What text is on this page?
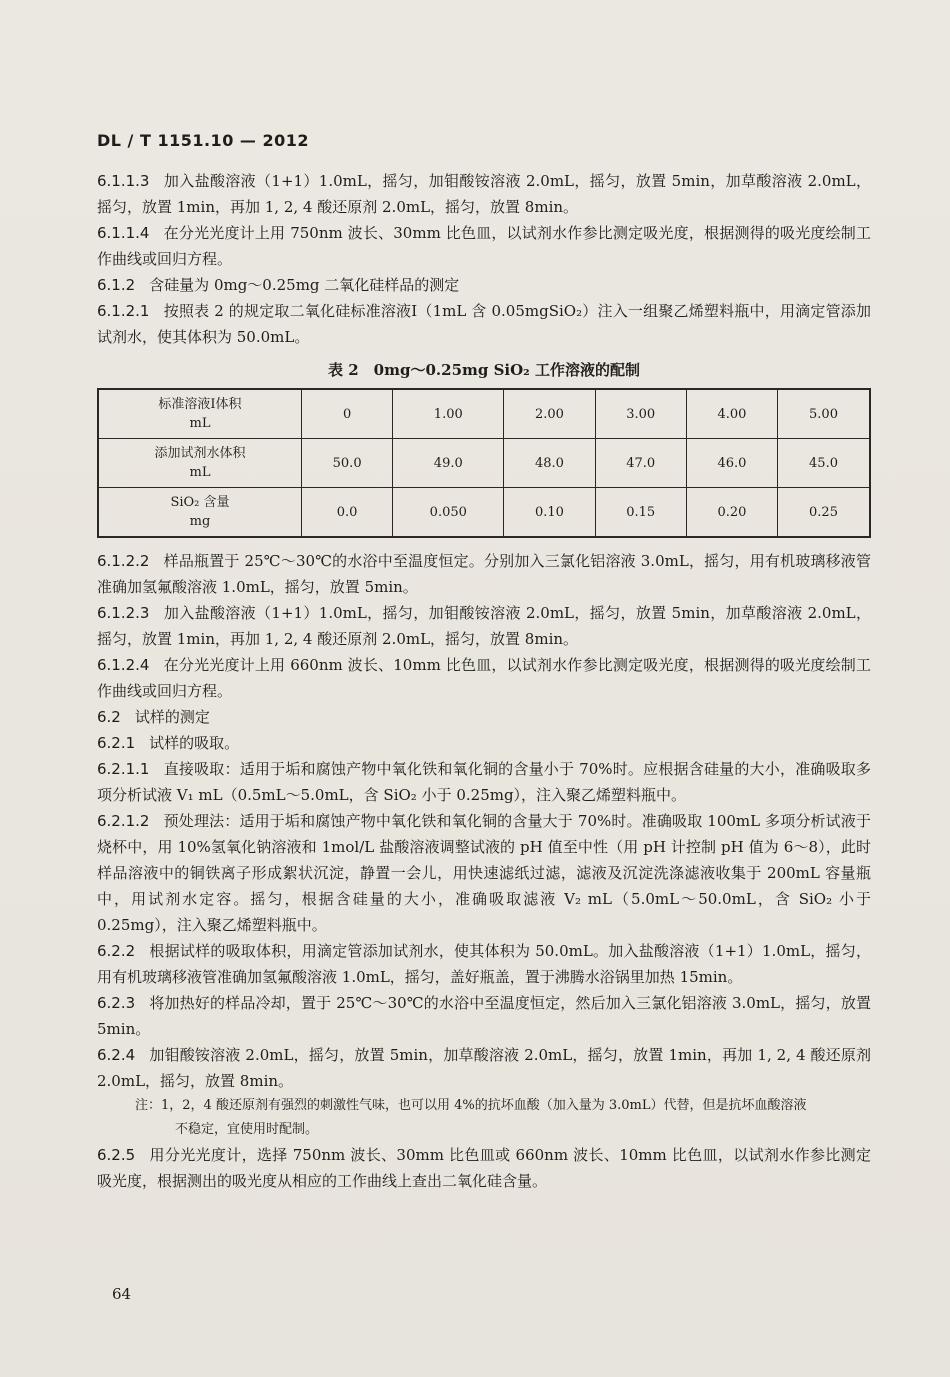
DL / T 1151.10 — 2012

6.1.1.3 加入盐酸溶液（1+1）1.0mL，摇匀，加钼酸铵溶液 2.0mL，摇匀，放置 5min，加草酸溶液 2.0mL，摇匀，放置 1min，再加 1, 2, 4 酸还原剂 2.0mL，摇匀，放置 8min。

6.1.1.4 在分光光度计上用 750nm 波长、30mm 比色皿，以试剂水作参比测定吸光度，根据测得的吸光度绘制工作曲线或回归方程。

6.1.2 含硅量为 0mg～0.25mg 二氧化硅样品的测定

6.1.2.1 按照表 2 的规定取二氧化硅标准溶液Ⅰ（1mL 含 0.05mgSiO₂）注入一组聚乙烯塑料瓶中，用滴定管添加试剂水，使其体积为 50.0mL。

表 2　0mg～0.25mg SiO₂ 工作溶液的配制
标准溶液Ⅰ体积
mL	0	1.00	2.00	3.00	4.00	5.00

添加试剂水体积
mL	50.0	49.0	48.0	47.0	46.0	45.0

SiO₂ 含量
mg	0.0	0.050	0.10	0.15	0.20	0.25

6.1.2.2 样品瓶置于 25℃～30℃的水浴中至温度恒定。分别加入三氯化铝溶液 3.0mL，摇匀，用有机玻璃移液管准确加氢氟酸溶液 1.0mL，摇匀，放置 5min。

6.1.2.3 加入盐酸溶液（1+1）1.0mL，摇匀，加钼酸铵溶液 2.0mL，摇匀，放置 5min，加草酸溶液 2.0mL，摇匀，放置 1min，再加 1, 2, 4 酸还原剂 2.0mL，摇匀，放置 8min。

6.1.2.4 在分光光度计上用 660nm 波长、10mm 比色皿，以试剂水作参比测定吸光度，根据测得的吸光度绘制工作曲线或回归方程。

6.2 试样的测定

6.2.1 试样的吸取。

6.2.1.1 直接吸取：适用于垢和腐蚀产物中氧化铁和氧化铜的含量小于 70%时。应根据含硅量的大小，准确吸取多项分析试液 V₁ mL（0.5mL～5.0mL，含 SiO₂ 小于 0.25mg），注入聚乙烯塑料瓶中。

6.2.1.2 预处理法：适用于垢和腐蚀产物中氧化铁和氧化铜的含量大于 70%时。准确吸取 100mL 多项分析试液于烧杯中，用 10%氢氧化钠溶液和 1mol/L 盐酸溶液调整试液的 pH 值至中性（用 pH 计控制 pH 值为 6～8），此时样品溶液中的铜铁离子形成絮状沉淀，静置一会儿，用快速滤纸过滤，滤液及沉淀洗涤滤液收集于 200mL 容量瓶中，用试剂水定容。摇匀，根据含硅量的大小，准确吸取滤液 V₂ mL（5.0mL～50.0mL，含 SiO₂ 小于 0.25mg），注入聚乙烯塑料瓶中。

6.2.2 根据试样的吸取体积，用滴定管添加试剂水，使其体积为 50.0mL。加入盐酸溶液（1+1）1.0mL，摇匀，用有机玻璃移液管准确加氢氟酸溶液 1.0mL，摇匀，盖好瓶盖，置于沸腾水浴锅里加热 15min。

6.2.3 将加热好的样品冷却，置于 25℃～30℃的水浴中至温度恒定，然后加入三氯化铝溶液 3.0mL，摇匀，放置 5min。

6.2.4 加钼酸铵溶液 2.0mL，摇匀，放置 5min，加草酸溶液 2.0mL，摇匀，放置 1min，再加 1, 2, 4 酸还原剂 2.0mL，摇匀，放置 8min。

注：1，2，4 酸还原剂有强烈的刺激性气味，也可以用 4%的抗坏血酸（加入量为 3.0mL）代替，但是抗坏血酸溶液
不稳定，宜使用时配制。

6.2.5 用分光光度计，选择 750nm 波长、30mm 比色皿或 660nm 波长、10mm 比色皿，以试剂水作参比测定吸光度，根据测出的吸光度从相应的工作曲线上查出二氧化硅含量。

64
